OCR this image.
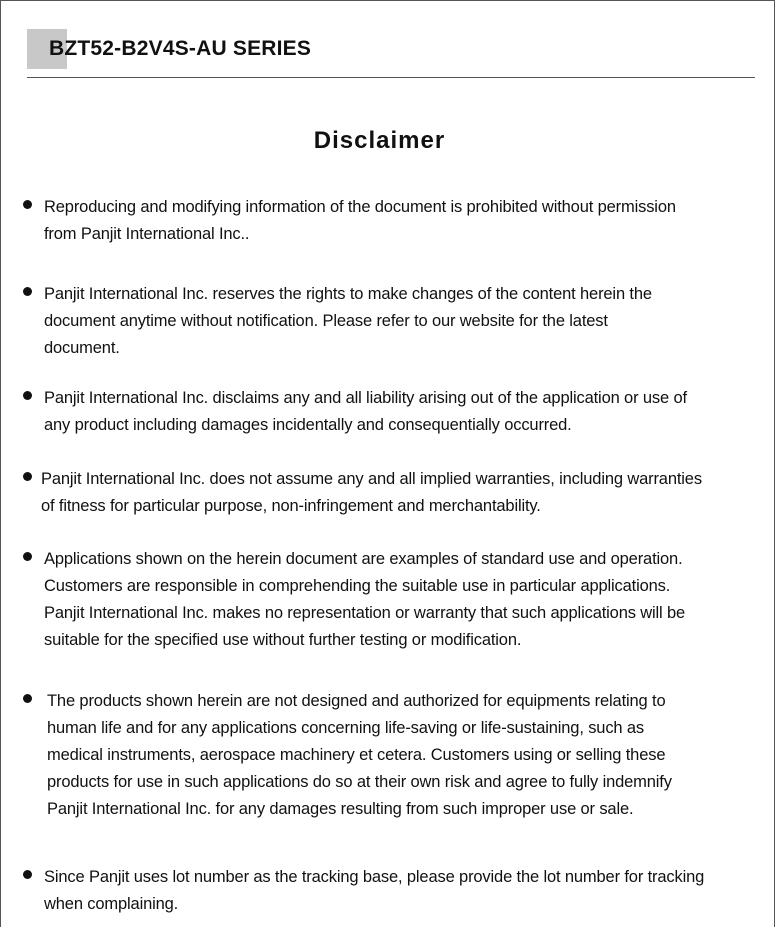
BZT52-B2V4S-AU SERIES
Disclaimer
Reproducing and modifying information of the document is prohibited without permission
from Panjit International Inc..
Panjit International Inc. reserves the rights to make changes of the content herein the
document anytime without notification. Please refer to our website for the latest
document.
Panjit International Inc. disclaims any and all liability arising out of the application or use of
any product including damages incidentally and consequentially occurred.
Panjit International Inc. does not assume any and all implied warranties, including warranties
of fitness for particular purpose, non-infringement and merchantability.
Applications shown on the herein document are examples of standard use and operation.
Customers are responsible in comprehending the suitable use in particular applications.
Panjit International Inc. makes no representation or warranty that such applications will be
suitable for the specified use without further testing or modification.
The products shown herein are not designed and authorized for equipments relating to
human life and for any applications concerning life-saving or life-sustaining, such as
medical instruments, aerospace machinery et cetera. Customers using or selling these
products for use in such applications do so at their own risk and agree to fully indemnify
Panjit International Inc. for any damages resulting from such improper use or sale.
Since Panjit uses lot number as the tracking base, please provide the lot number for tracking
when complaining.
